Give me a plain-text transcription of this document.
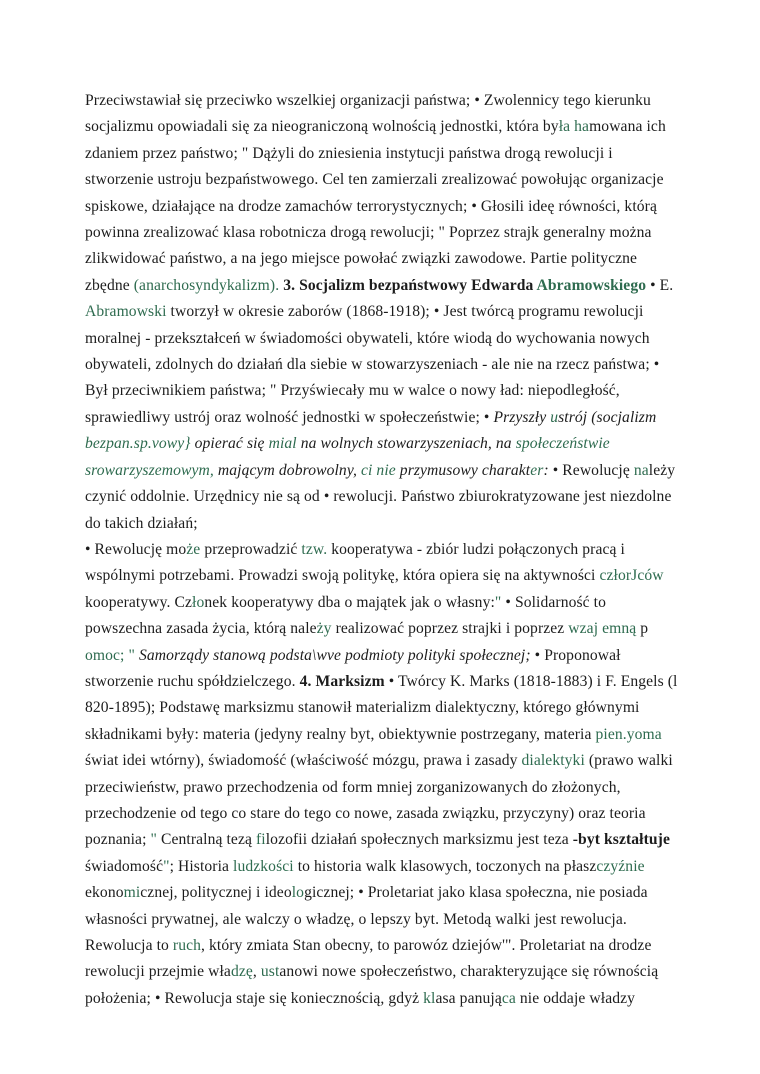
Przeciwstawiał się przeciwko wszelkiej organizacji państwa; • Zwolennicy tego kierunku socjalizmu opowiadali się za nieograniczoną wolnością jednostki, która była hamowana ich zdaniem przez państwo; " Dążyli do zniesienia instytucji państwa drogą rewolucji i stworzenie ustroju bezpaństwowego. Cel ten zamierzali zrealizować powołując organizacje spiskowe, działające na drodze zamachów terrorystycznych; • Głosili ideę równości, którą powinna zrealizować klasa robotnicza drogą rewolucji; " Poprzez strajk generalny można zlikwidować państwo, a na jego miejsce powołać związki zawodowe. Partie polityczne zbędne (anarchosyndykalizm). 3. Socjalizm bezpaństwowy Edwarda Abramowskiego • E. Abramowski tworzył w okresie zaborów (1868-1918); • Jest twórcą programu rewolucji moralnej - przekształceń w świadomości obywateli, które wiodą do wychowania nowych obywateli, zdolnych do działań dla siebie w stowarzyszeniach - ale nie na rzecz państwa; • Był przeciwnikiem państwa; " Przyświecały mu w walce o nowy ład: niepodległość, sprawiedliwy ustrój oraz wolność jednostki w społeczeństwie; • Przyszły ustrój (socjalizm bezpan.sp.vowy} opierać się mial na wolnych stowarzyszeniach, na społeczeństwie srowarzyszemowym, mającym dobrowolny, ci nie przymusowy charakter: • Rewolucję należy czynić oddolnie. Urzędnicy nie są od • rewolucji. Państwo zbiurokratyzowane jest niezdolne do takich działań;

• Rewolucję może przeprowadzić tzw. kooperatywa - zbiór ludzi połączonych pracą i wspólnymi potrzebami. Prowadzi swoją politykę, która opiera się na aktywności człorJców kooperatywy. Członek kooperatywy dba o majątek jak o własny:" • Solidarność to powszechna zasada życia, którą należy realizować poprzez strajki i poprzez wzaj emną p omoc; " Samorządy stanową podsta\wve podmioty polityki społecznej; • Proponował stworzenie ruchu spółdzielczego. 4. Marksizm • Twórcy K. Marks (1818-1883) i F. Engels (l 820-1895); Podstawę marksizmu stanowił materializm dialektyczny, którego głównymi składnikami były: materia (jedyny realny byt, obiektywnie postrzegany, materia pien.yoma świat idei wtórny), świadomość (właściwość mózgu, prawa i zasady dialektyki (prawo walki przeciwieństw, prawo przechodzenia od form mniej zorganizowanych do złożonych, przechodzenie od tego co stare do tego co nowe, zasada związku, przyczyny) oraz teoria poznania; " Centralną tezą filozofii działań społecznych marksizmu jest teza -byt kształtuje świadomość"; Historia ludzkości to historia walk klasowych, toczonych na płaszczyźnie ekonomicznej, politycznej i ideologicznej; • Proletariat jako klasa społeczna, nie posiada własności prywatnej, ale walczy o władzę, o lepszy byt. Metodą walki jest rewolucja. Rewolucja to ruch, który zmiata Stan obecny, to parowóz dziejów'". Proletariat na drodze rewolucji przejmie władzę, ustanowi nowe społeczeństwo, charakteryzujące się równością położenia; • Rewolucja staje się koniecznością, gdyż klasa panująca nie oddaje władzy
